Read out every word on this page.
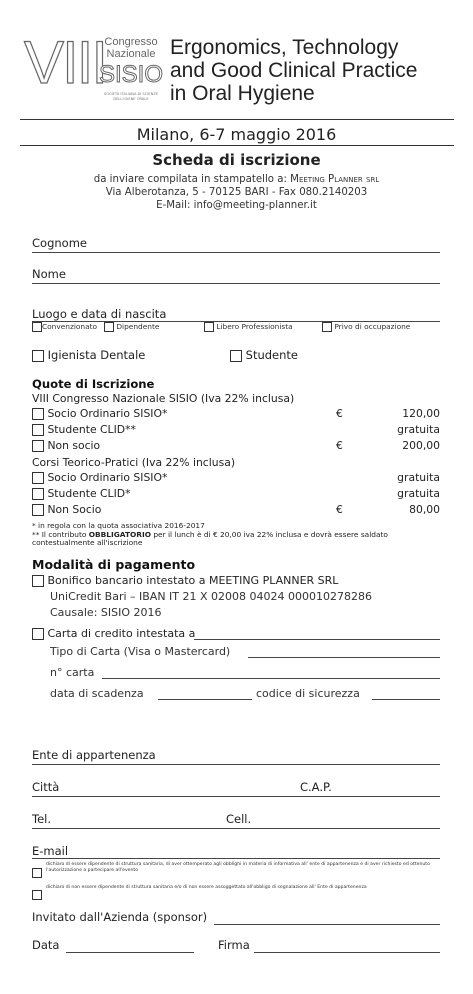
VIII
Congresso
Nazionale
SISIO
SOCIETÀ ITALIANA DI SCIENZE DELL'IGIENE ORALE
Ergonomics, Technology
and Good Clinical Practice
in Oral Hygiene
Milano, 6-7 maggio 2016
Scheda di iscrizione
da inviare compilata in stampatello a: Meeting Planner srl
Via Alberotanza, 5 - 70125 BARI - Fax 080.2140203
E-Mail: info@meeting-planner.it
Cognome
Nome
Luogo e data di nascita
Convenzionato	Dipendente	Libero Professionista	Privo di occupazione
Igienista Dentale	Studente
Quote di Iscrizione
VIII Congresso Nazionale SISIO (Iva 22% inclusa)
Socio Ordinario SISIO*	€	120,00
Studente CLID**	gratuita
Non socio	€	200,00
Corsi Teorico-Pratici (Iva 22% inclusa)
Socio Ordinario SISIO*	gratuita
Studente CLID*	gratuita
Non Socio	€	80,00
* in regola con la quota associativa 2016-2017
** Il contributo OBBLIGATORIO per il lunch è di € 20,00 iva 22% inclusa e dovrà essere saldato contestualmente all'iscrizione
Modalità di pagamento
Bonifico bancario intestato a MEETING PLANNER SRL
UniCredit Bari – IBAN IT 21 X 02008 04024 000010278286
Causale: SISIO 2016
Carta di credito intestata a
Tipo di Carta (Visa o Mastercard)
n° carta
data di scadenza	codice di sicurezza
Ente di appartenenza
Città	C.A.P.
Tel.	Cell.
E-mail
dichiaro di essere dipendente di struttura sanitaria, di aver ottemperato agli obblighi in materia di informativa all' ente di appartenenza e di aver richiesto ed ottenuto l'autorizzazione a partecipare all'evento
dichiaro di non essere dipendente di struttura sanitaria e/o di non essere assoggettato all'obbligo di segnalazione all' Ente di appartenenza
Invitato dall'Azienda (sponsor)
Data	Firma
